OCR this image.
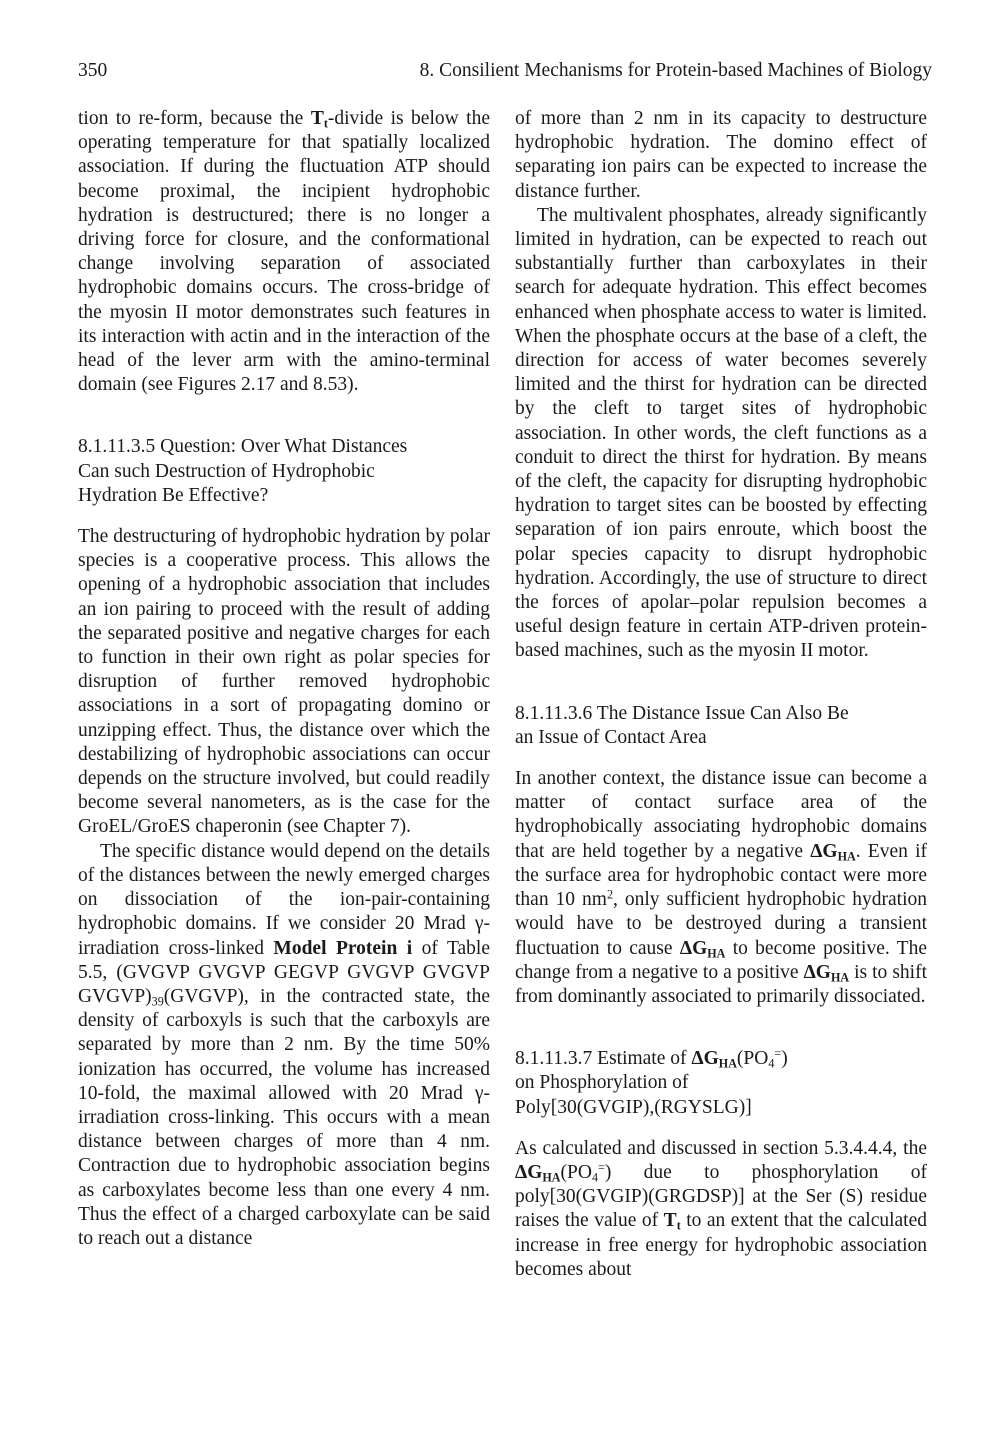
350	8. Consilient Mechanisms for Protein-based Machines of Biology

tion to re-form, because the $T_t$-divide is below the operating temperature for that spatially localized association. If during the fluctuation ATP should become proximal, the incipient hydrophobic hydration is destructured; there is no longer a driving force for closure, and the conformational change involving separation of associated hydrophobic domains occurs. The cross-bridge of the myosin II motor demonstrates such features in its interaction with actin and in the interaction of the head of the lever arm with the amino-terminal domain (see Figures 2.17 and 8.53).

8.1.11.3.5 Question: Over What Distances
Can such Destruction of Hydrophobic
Hydration Be Effective?

The destructuring of hydrophobic hydration by polar species is a cooperative process. This allows the opening of a hydrophobic association that includes an ion pairing to proceed with the result of adding the separated positive and negative charges for each to function in their own right as polar species for disruption of further removed hydrophobic associations in a sort of propagating domino or unzipping effect. Thus, the distance over which the destabilizing of hydrophobic associations can occur depends on the structure involved, but could readily become several nanometers, as is the case for the GroEL/GroES chaperonin (see Chapter 7).

The specific distance would depend on the details of the distances between the newly emerged charges on dissociation of the ion-pair-containing hydrophobic domains. If we consider 20 Mrad γ-irradiation cross-linked Model Protein i of Table 5.5, (GVGVP GVGVP GEGVP GVGVP GVGVP $GVGVP)_{39}(GVGVP)$, in the contracted state, the density of carboxyls is such that the carboxyls are separated by more than 2 nm. By the time 50% ionization has occurred, the volume has increased 10-fold, the maximal allowed with 20 Mrad γ-irradiation cross-linking. This occurs with a mean distance between charges of more than 4 nm. Contraction due to hydrophobic association begins as carboxylates become less than one every 4 nm. Thus the effect of a charged carboxylate can be said to reach out a distance

of more than 2 nm in its capacity to destructure hydrophobic hydration. The domino effect of separating ion pairs can be expected to increase the distance further.

The multivalent phosphates, already significantly limited in hydration, can be expected to reach out substantially further than carboxylates in their search for adequate hydration. This effect becomes enhanced when phosphate access to water is limited. When the phosphate occurs at the base of a cleft, the direction for access of water becomes severely limited and the thirst for hydration can be directed by the cleft to target sites of hydrophobic association. In other words, the cleft functions as a conduit to direct the thirst for hydration. By means of the cleft, the capacity for disrupting hydrophobic hydration to target sites can be boosted by effecting separation of ion pairs enroute, which boost the polar species capacity to disrupt hydrophobic hydration. Accordingly, the use of structure to direct the forces of apolar–polar repulsion becomes a useful design feature in certain ATP-driven protein-based machines, such as the myosin II motor.

8.1.11.3.6 The Distance Issue Can Also Be
an Issue of Contact Area

In another context, the distance issue can become a matter of contact surface area of the hydrophobically associating hydrophobic domains that are held together by a negative $\Delta G_{HA}$. Even if the surface area for hydrophobic contact were more than 10 $nm^2$, only sufficient hydrophobic hydration would have to be destroyed during a transient fluctuation to cause $\Delta G_{HA}$ to become positive. The change from a negative to a positive $\Delta G_{HA}$ is to shift from dominantly associated to primarily dissociated.

8.1.11.3.7 Estimate of $\Delta G_{HA}(PO_4^=)$
on Phosphorylation of
Poly[30(GVGIP),(RGYSLG)]

As calculated and discussed in section 5.3.4.4.4, the $\Delta G_{HA}(PO_4^=)$ due to phosphorylation of poly[30(GVGIP)(GRGDSP)] at the Ser (S) residue raises the value of $T_t$ to an extent that the calculated increase in free energy for hydrophobic association becomes about
